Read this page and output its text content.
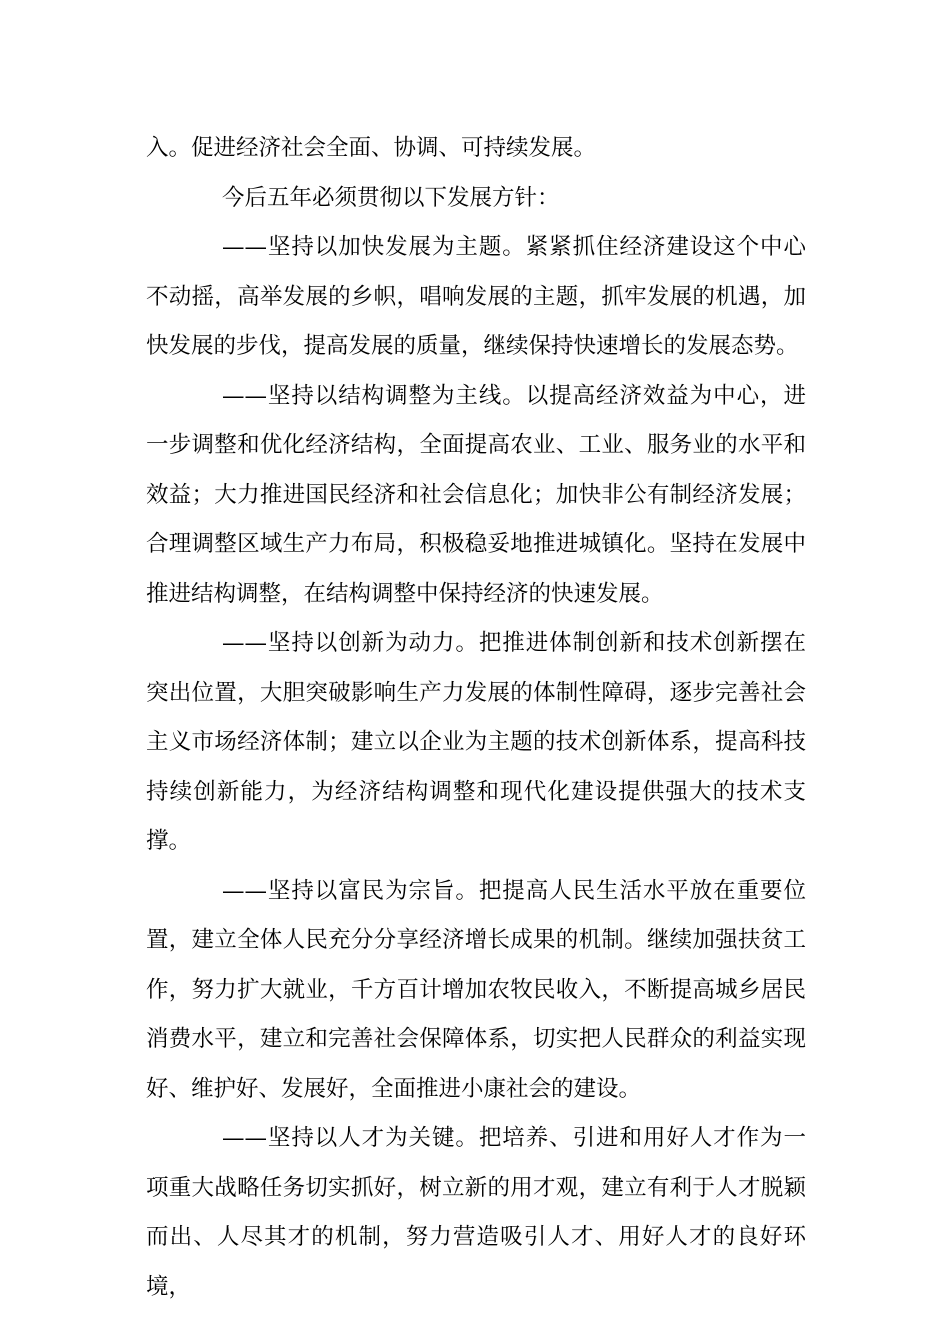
入。促进经济社会全面、协调、可持续发展。

今后五年必须贯彻以下发展方针：

——坚持以加快发展为主题。紧紧抓住经济建设这个中心不动摇，高举发展的乡帜，唱响发展的主题，抓牢发展的机遇，加快发展的步伐，提高发展的质量，继续保持快速增长的发展态势。

——坚持以结构调整为主线。以提高经济效益为中心，进一步调整和优化经济结构，全面提高农业、工业、服务业的水平和效益；大力推进国民经济和社会信息化；加快非公有制经济发展；合理调整区域生产力布局，积极稳妥地推进城镇化。坚持在发展中推进结构调整，在结构调整中保持经济的快速发展。

——坚持以创新为动力。把推进体制创新和技术创新摆在突出位置，大胆突破影响生产力发展的体制性障碍，逐步完善社会主义市场经济体制；建立以企业为主题的技术创新体系，提高科技持续创新能力，为经济结构调整和现代化建设提供强大的技术支撑。

——坚持以富民为宗旨。把提高人民生活水平放在重要位置，建立全体人民充分分享经济增长成果的机制。继续加强扶贫工作，努力扩大就业，千方百计增加农牧民收入，不断提高城乡居民消费水平，建立和完善社会保障体系，切实把人民群众的利益实现好、维护好、发展好，全面推进小康社会的建设。

——坚持以人才为关键。把培养、引进和用好人才作为一项重大战略任务切实抓好，树立新的用才观，建立有利于人才脱颖而出、人尽其才的机制，努力营造吸引人才、用好人才的良好环境，
